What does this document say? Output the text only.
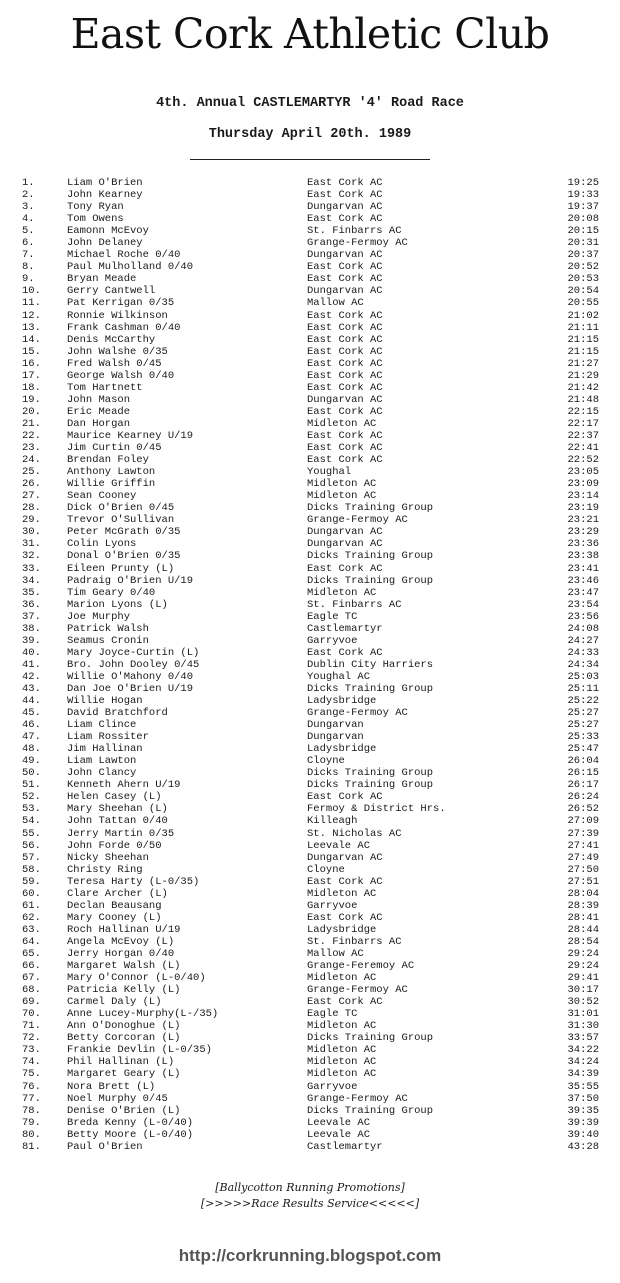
East Cork Athletic Club
4th. Annual CASTLEMARTYR '4' Road Race
Thursday April 20th. 1989
1.	Liam O'Brien	East Cork AC	19:25
2.	John Kearney	East Cork AC	19:33
3.	Tony Ryan	Dungarvan AC	19:37
4.	Tom Owens	East Cork AC	20:08
5.	Eamonn McEvoy	St. Finbarrs AC	20:15
6.	John Delaney	Grange-Fermoy AC	20:31
7.	Michael Roche 0/40	Dungarvan AC	20:37
8.	Paul Mulholland 0/40	East Cork AC	20:52
9.	Bryan Meade	East Cork AC	20:53
10. Gerry Cantwell	Dungarvan AC	20:54
11. Pat Kerrigan 0/35	Mallow AC	20:55
12. Ronnie Wilkinson	East Cork AC	21:02
13. Frank Cashman 0/40	East Cork AC	21:11
14. Denis McCarthy	East Cork AC	21:15
15. John Walshe 0/35	East Cork AC	21:15
16. Fred Walsh 0/45	East Cork AC	21:27
17. George Walsh 0/40	East Cork AC	21:29
18. Tom Hartnett	East Cork AC	21:42
19. John Mason	Dungarvan AC	21:48
20. Eric Meade	East Cork AC	22:15
21. Dan Horgan	Midleton AC	22:17
22. Maurice Kearney U/19	East Cork AC	22:37
23. Jim Curtin 0/45	East Cork AC	22:41
24. Brendan Foley	East Cork AC	22:52
25. Anthony Lawton	Youghal	23:05
26. Willie Griffin	Midleton AC	23:09
27. Sean Cooney	Midleton AC	23:14
28. Dick O'Brien 0/45	Dicks Training Group	23:19
29. Trevor O'Sullivan	Grange-Fermoy AC	23:21
30. Peter McGrath 0/35	Dungarvan AC	23:29
31. Colin Lyons	Dungarvan AC	23:36
32. Donal O'Brien 0/35	Dicks Training Group	23:38
33. Eileen Prunty (L)	East Cork AC	23:41
34. Padraig O'Brien U/19	Dicks Training Group	23:46
35. Tim Geary 0/40	Midleton AC	23:47
36. Marion Lyons (L)	St. Finbarrs AC	23:54
37. Joe Murphy	Eagle TC	23:56
38. Patrick Walsh	Castlemartyr	24:08
39. Seamus Cronin	Garryvoe	24:27
40. Mary Joyce-Curtin (L)	East Cork AC	24:33
41. Bro. John Dooley 0/45	Dublin City Harriers	24:34
42. Willie O'Mahony 0/40	Youghal AC	25:03
43. Dan Joe O'Brien U/19	Dicks Training Group	25:11
44. Willie Hogan	Ladysbridge	25:22
45. David Bratchford	Grange-Fermoy AC	25:27
46. Liam Clince	Dungarvan	25:27
47. Liam Rossiter	Dungarvan	25:33
48. Jim Hallinan	Ladysbridge	25:47
49. Liam Lawton	Cloyne	26:04
50. John Clancy	Dicks Training Group	26:15
51. Kenneth Ahern U/19	Dicks Training Group	26:17
52. Helen Casey (L)	East Cork AC	26:24
53. Mary Sheehan (L)	Fermoy & District Hrs.	26:52
54. John Tattan 0/40	Killeagh	27:09
55. Jerry Martin 0/35	St. Nicholas AC	27:39
56. John Forde 0/50	Leevale AC	27:41
57. Nicky Sheehan	Dungarvan AC	27:49
58. Christy Ring	Cloyne	27:50
59. Teresa Harty (L-0/35)	East Cork AC	27:51
60. Clare Archer (L)	Midleton AC	28:04
61. Declan Beausang	Garryvoe	28:39
62. Mary Cooney (L)	East Cork AC	28:41
63. Roch Hallinan U/19	Ladysbridge	28:44
64. Angela McEvoy (L)	St. Finbarrs AC	28:54
65. Jerry Horgan 0/40	Mallow AC	29:24
66. Margaret Walsh (L)	Grange-Feremoy AC	29:24
67. Mary O'Connor (L-0/40)	Midleton AC	29:41
68. Patricia Kelly (L)	Grange-Fermoy AC	30:17
69. Carmel Daly (L)	East Cork AC	30:52
70. Anne Lucey-Murphy(L-/35)	Eagle TC	31:01
71. Ann O'Donoghue (L)	Midleton AC	31:30
72. Betty Corcoran (L)	Dicks Training Group	33:57
73. Frankie Devlin (L-0/35)	Midleton AC	34:22
74. Phil Hallinan (L)	Midleton AC	34:24
75. Margaret Geary (L)	Midleton AC	34:39
76. Nora Brett (L)	Garryvoe	35:55
77. Noel Murphy 0/45	Grange-Fermoy AC	37:50
78. Denise O'Brien (L)	Dicks Training Group	39:35
79. Breda Kenny (L-0/40)	Leevale AC	39:39
80. Betty Moore (L-0/40)	Leevale AC	39:40
81. Paul O'Brien	Castlemartyr	43:28
[Ballycotton Running Promotions]
[>>>>>Race Results Service<<<<<]
http://corkrunning.blogspot.com
